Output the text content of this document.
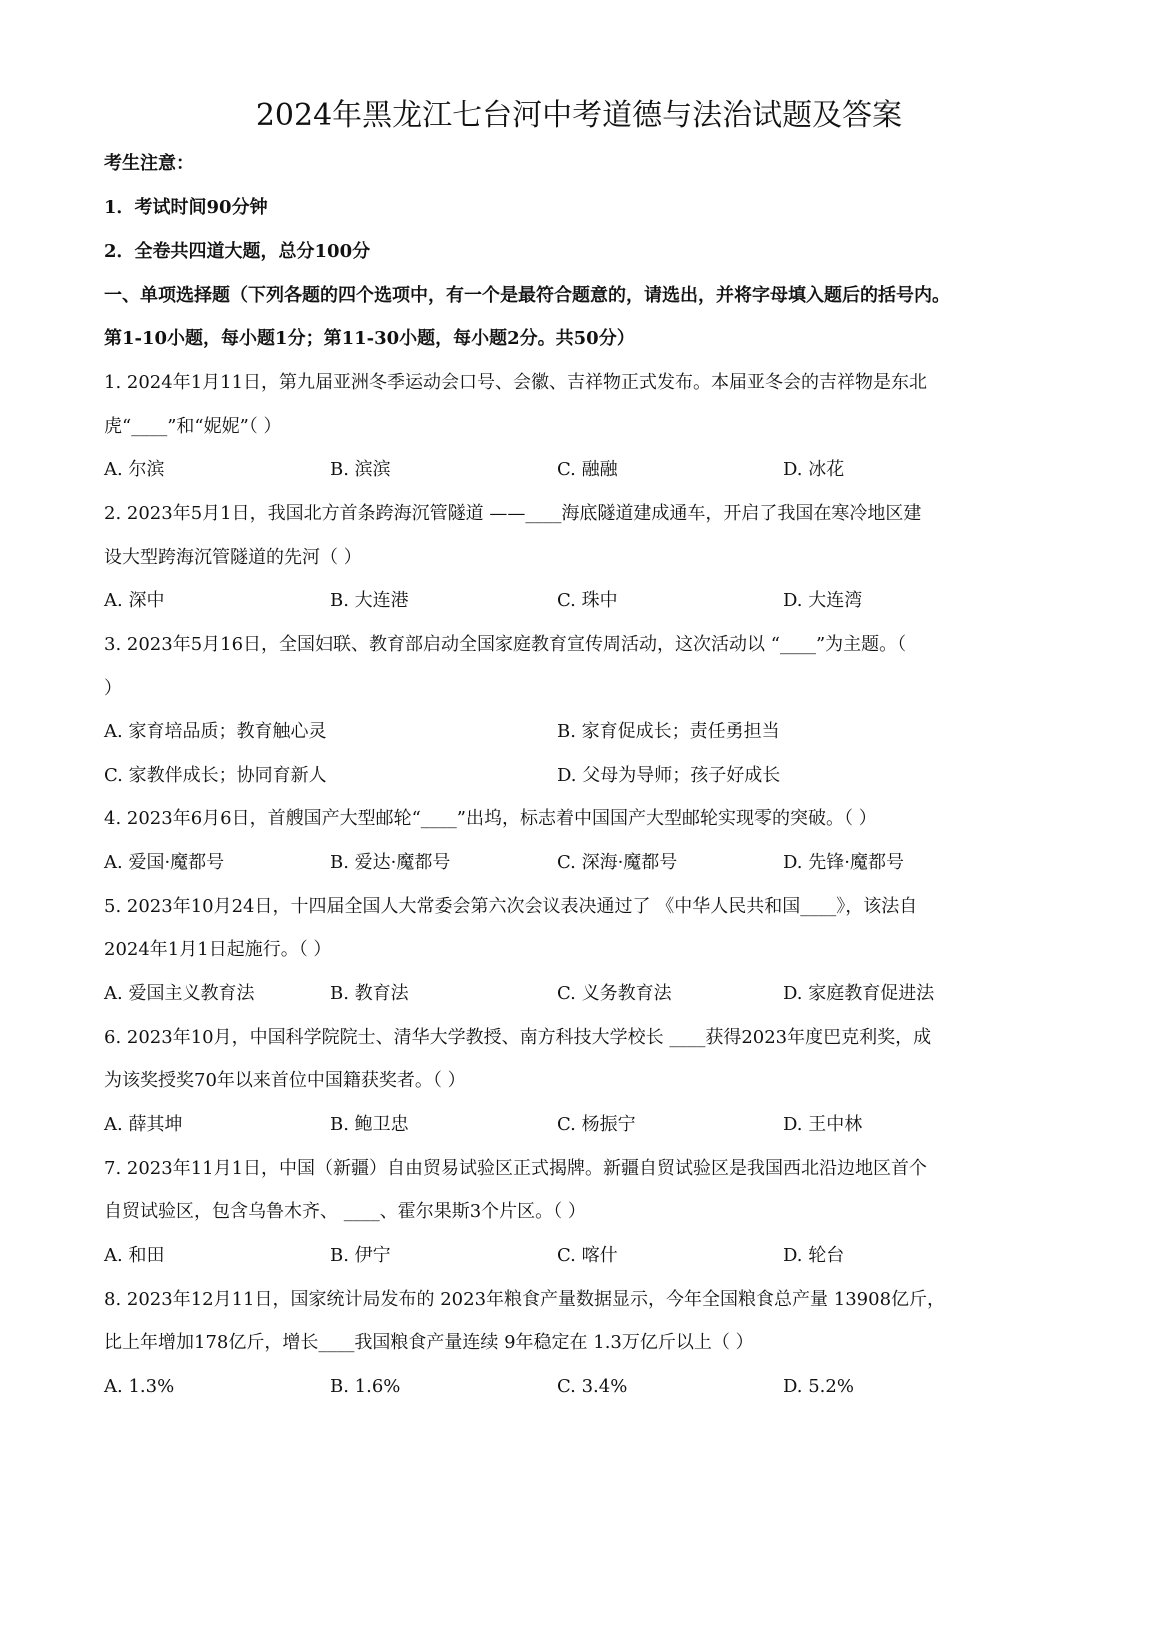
2024年黑龙江七台河中考道德与法治试题及答案
考生注意：
1．考试时间90分钟
2．全卷共四道大题，总分100分
一、单项选择题（下列各题的四个选项中，有一个是最符合题意的，请选出，并将字母填入题后的括号内。
第1-10小题，每小题1分；第11-30小题，每小题2分。共50分）
1. 2024年1月11日，第九届亚洲冬季运动会口号、会徽、吉祥物正式发布。本届亚冬会的吉祥物是东北
虎“____”和“妮妮”（ ）
A. 尔滨	B. 滨滨	C. 融融	D. 冰花
2. 2023年5月1日，我国北方首条跨海沉管隧道 ——____海底隧道建成通车，开启了我国在寒冷地区建
设大型跨海沉管隧道的先河（ ）
A. 深中	B. 大连港	C. 珠中	D. 大连湾
3. 2023年5月16日，全国妇联、教育部启动全国家庭教育宣传周活动，这次活动以 “____”为主题。（
）
A. 家育培品质；教育触心灵	B. 家育促成长；责任勇担当
C. 家教伴成长；协同育新人	D. 父母为导师；孩子好成长
4. 2023年6月6日，首艘国产大型邮轮“____”出坞，标志着中国国产大型邮轮实现零的突破。（ ）
A. 爱国·魔都号	B. 爱达·魔都号	C. 深海·魔都号	D. 先锋·魔都号
5. 2023年10月24日，十四届全国人大常委会第六次会议表决通过了 《中华人民共和国____》，该法自
2024年1月1日起施行。（ ）
A. 爱国主义教育法	B. 教育法	C. 义务教育法	D. 家庭教育促进法
6. 2023年10月，中国科学院院士、清华大学教授、南方科技大学校长 ____获得2023年度巴克利奖，成
为该奖授奖70年以来首位中国籍获奖者。（ ）
A. 薛其坤	B. 鲍卫忠	C. 杨振宁	D. 王中林
7. 2023年11月1日，中国（新疆）自由贸易试验区正式揭牌。新疆自贸试验区是我国西北沿边地区首个
自贸试验区，包含乌鲁木齐、 ____、霍尔果斯3个片区。（ ）
A. 和田	B. 伊宁	C. 喀什	D. 轮台
8. 2023年12月11日，国家统计局发布的 2023年粮食产量数据显示，今年全国粮食总产量 13908亿斤，
比上年增加178亿斤，增长____我国粮食产量连续 9年稳定在 1.3万亿斤以上（ ）
A. 1.3%	B. 1.6%	C. 3.4%	D. 5.2%
